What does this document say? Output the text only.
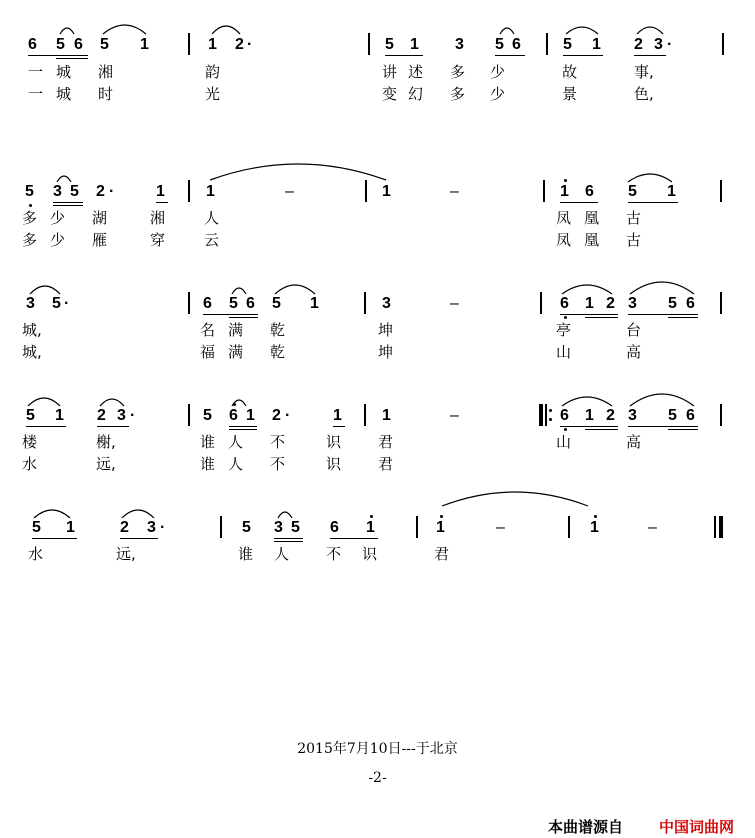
6 5 6 5 1	1 2 ·	5 1 3 5 6	5 1 2 3 ·
一 城 湘	韵	讲 述 多 少	故	事,
一 城 时	光	变 幻 多 少	景	色,
5 3 5 2 ·	1	1	–	1	–	1 6 5 1
多 少 湖	湘	人	凤 凰 古
多 少 雁	穿	云	凤 凰 古
3 5 ·	6 5 6 5 1	3	–	6 1 2 3 5 6
城,	名 满 乾	坤	亭	台
城,	福 满 乾	坤	山	高
5 1 2 3 ·	5 6 1 2 ·	1	1	–	6 1 2 3 5 6
楼	榭,	谁 人 不	识 君	山	高
水	远,	谁 人 不	识 君
5 1	2 3 ·	5 3 5 6 1	1	–	1	–
水	远,	谁 人 不 识	君
2015年7月10日---于北京
-2-
本曲谱源自 中国词曲网
